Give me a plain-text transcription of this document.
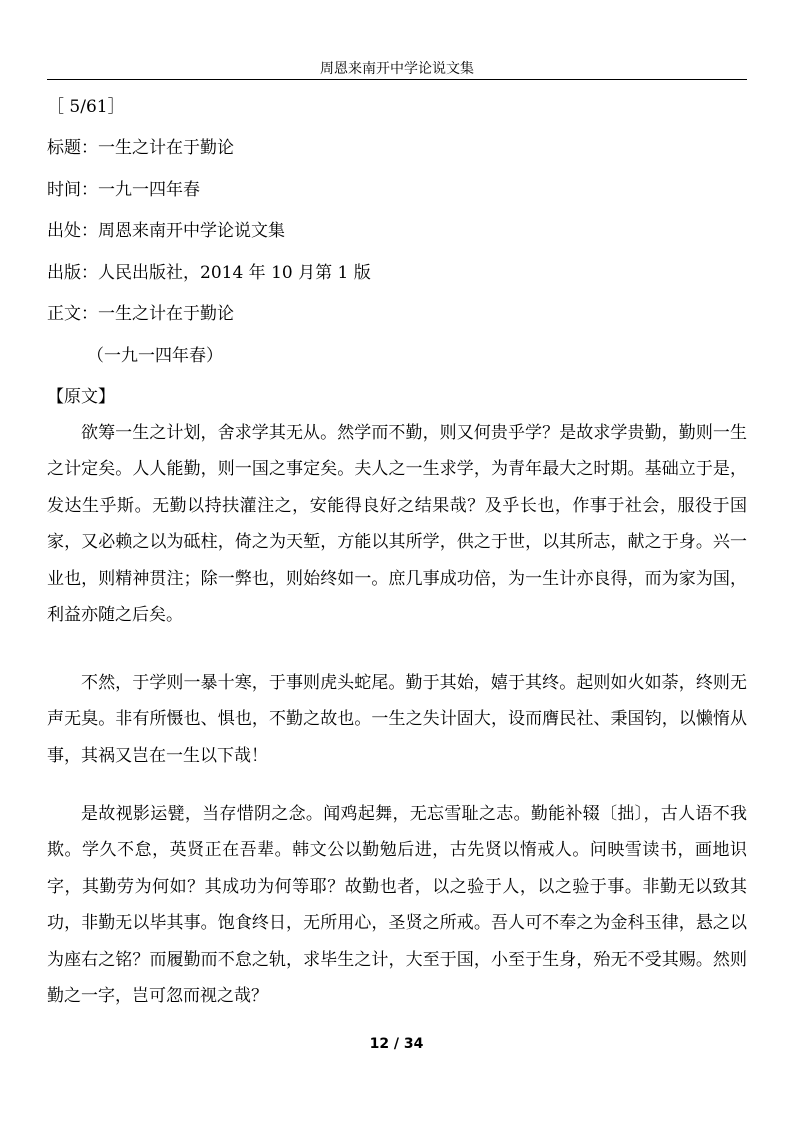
周恩来南开中学论说文集
［ 5/61］
标题：一生之计在于勤论
时间：一九一四年春
出处：周恩来南开中学论说文集
出版：人民出版社，2014 年 10 月第 1 版
正文：一生之计在于勤论
（一九一四年春）
【原文】
欲筹一生之计划，舍求学其无从。然学而不勤，则又何贵乎学？是故求学贵勤，勤则一生之计定矣。人人能勤，则一国之事定矣。夫人之一生求学，为青年最大之时期。基础立于是，发达生乎斯。无勤以持扶灌注之，安能得良好之结果哉？及乎长也，作事于社会，服役于国家，又必赖之以为砥柱，倚之为天堑，方能以其所学，供之于世，以其所志，献之于身。兴一业也，则精神贯注；除一弊也，则始终如一。庶几事成功倍，为一生计亦良得，而为家为国，利益亦随之后矣。
不然，于学则一暴十寒，于事则虎头蛇尾。勤于其始，嬉于其终。起则如火如荼，终则无声无臭。非有所慑也、惧也，不勤之故也。一生之失计固大，设而膺民社、秉国钧，以懒惰从事，其祸又岂在一生以下哉！
是故视影运甓，当存惜阴之念。闻鸡起舞，无忘雪耻之志。勤能补辍〔拙〕，古人语不我欺。学久不怠，英贤正在吾辈。韩文公以勤勉后进，古先贤以惰戒人。问映雪读书，画地识字，其勤劳为何如？其成功为何等耶？故勤也者，以之验于人，以之验于事。非勤无以致其功，非勤无以毕其事。饱食终日，无所用心，圣贤之所戒。吾人可不奉之为金科玉律，悬之以为座右之铭？而履勤而不怠之轨，求毕生之计，大至于国，小至于生身，殆无不受其赐。然则勤之一字，岂可忽而视之哉？
12 / 34
